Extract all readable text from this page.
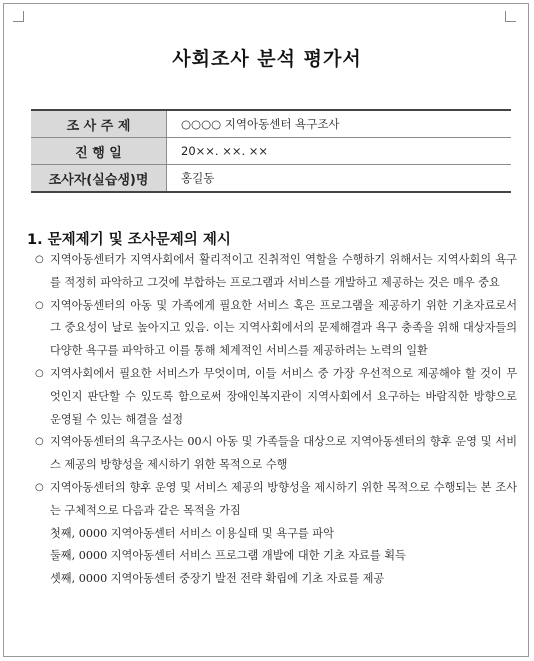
사회조사 분석 평가서
조 사 주 제	○○○○ 지역아동센터 욕구조사
진 행 일	20××. ××. ××
조사자(실습생)명	홍길동
1. 문제제기 및 조사문제의 제시
○ 지역아동센터가 지역사회에서 활리적이고 진취적인 역할을 수행하기 위해서는 지역사회의 욕구를 적정히 파악하고 그것에 부합하는 프로그램과 서비스를 개발하고 제공하는 것은 매우 중요
○ 지역아동센터의 아동 및 가족에게 필요한 서비스 혹은 프로그램을 제공하기 위한 기초자료로서 그 중요성이 날로 높아지고 있음. 이는 지역사회에서의 문제해결과 욕구 충족을 위해 대상자들의 다양한 욕구를 파악하고 이를 통해 체계적인 서비스를 제공하려는 노력의 일환
○ 지역사회에서 필요한 서비스가 무엇이며, 이들 서비스 중 가장 우선적으로 제공해야 할 것이 무엇인지 판단할 수 있도록 함으로써 장애인복지관이 지역사회에서 요구하는 바람직한 방향으로 운영될 수 있는 해결을 설정
○ 지역아동센터의 욕구조사는 00시 아동 및 가족들을 대상으로 지역아동센터의 향후 운영 및 서비스 제공의 방향성을 제시하기 위한 목적으로 수행
○ 지역아동센터의 향후 운영 및 서비스 제공의 방향성을 제시하기 위한 목적으로 수행되는 본 조사는 구체적으로 다음과 같은 목적을 가짐
첫째, 0000 지역아동센터 서비스 이용실태 및 욕구를 파악
둘째, 0000 지역아동센터 서비스 프로그램 개발에 대한 기초 자료를 획득
셋째, 0000 지역아동센터 중장기 발전 전략 확립에 기초 자료를 제공
